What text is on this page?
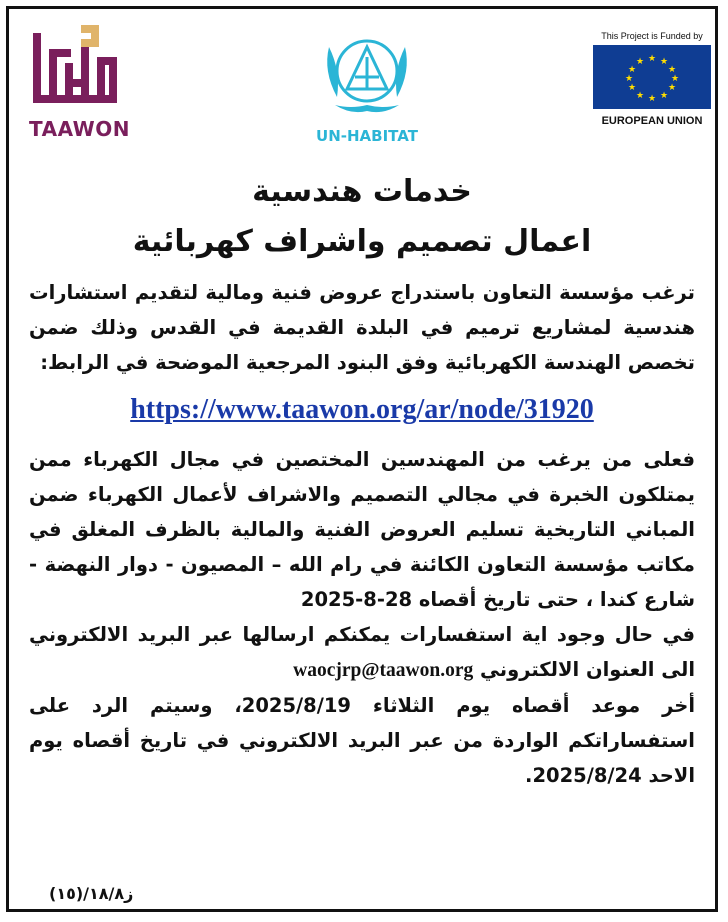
TAAWON	UN-HABITAT
This Project is Funded by
★ ★
★
★
★
★
★
★
★
★
★
★
EUROPEAN UNION
خدمات هندسية
اعمال تصميم واشراف كهربائية

ترغب مؤسسة التعاون باستدراج عروض فنية ومالية لتقديم استشارات هندسية لمشاريع ترميم في البلدة القديمة في القدس وذلك ضمن تخصص الهندسة الكهربائية وفق البنود المرجعية الموضحة في الرابط:

https://www.taawon.org/ar/node/31920

فعلى من يرغب من المهندسين المختصين في مجال الكهرباء ممن يمتلكون الخبرة في مجالي التصميم والاشراف لأعمال الكهرباء ضمن المباني التاريخية تسليم العروض الفنية والمالية بالظرف المغلق في مكاتب مؤسسة التعاون الكائنة في رام الله – المصيون - دوار النهضة - شارع كندا ، حتى تاريخ أقصاه 28-8-2025

في حال وجود اية استفسارات يمكنكم ارسالها عبر البريد الالكتروني الى العنوان الالكتروني waocjrp@taawon.org

أخر موعد أقصاه يوم الثلاثاء 2025/8/19، وسيتم الرد على استفساراتكم الواردة من عبر البريد الالكتروني في تاريخ أقصاه يوم الاحد 2025/8/24.

ز١٨/٨/(١٥)
